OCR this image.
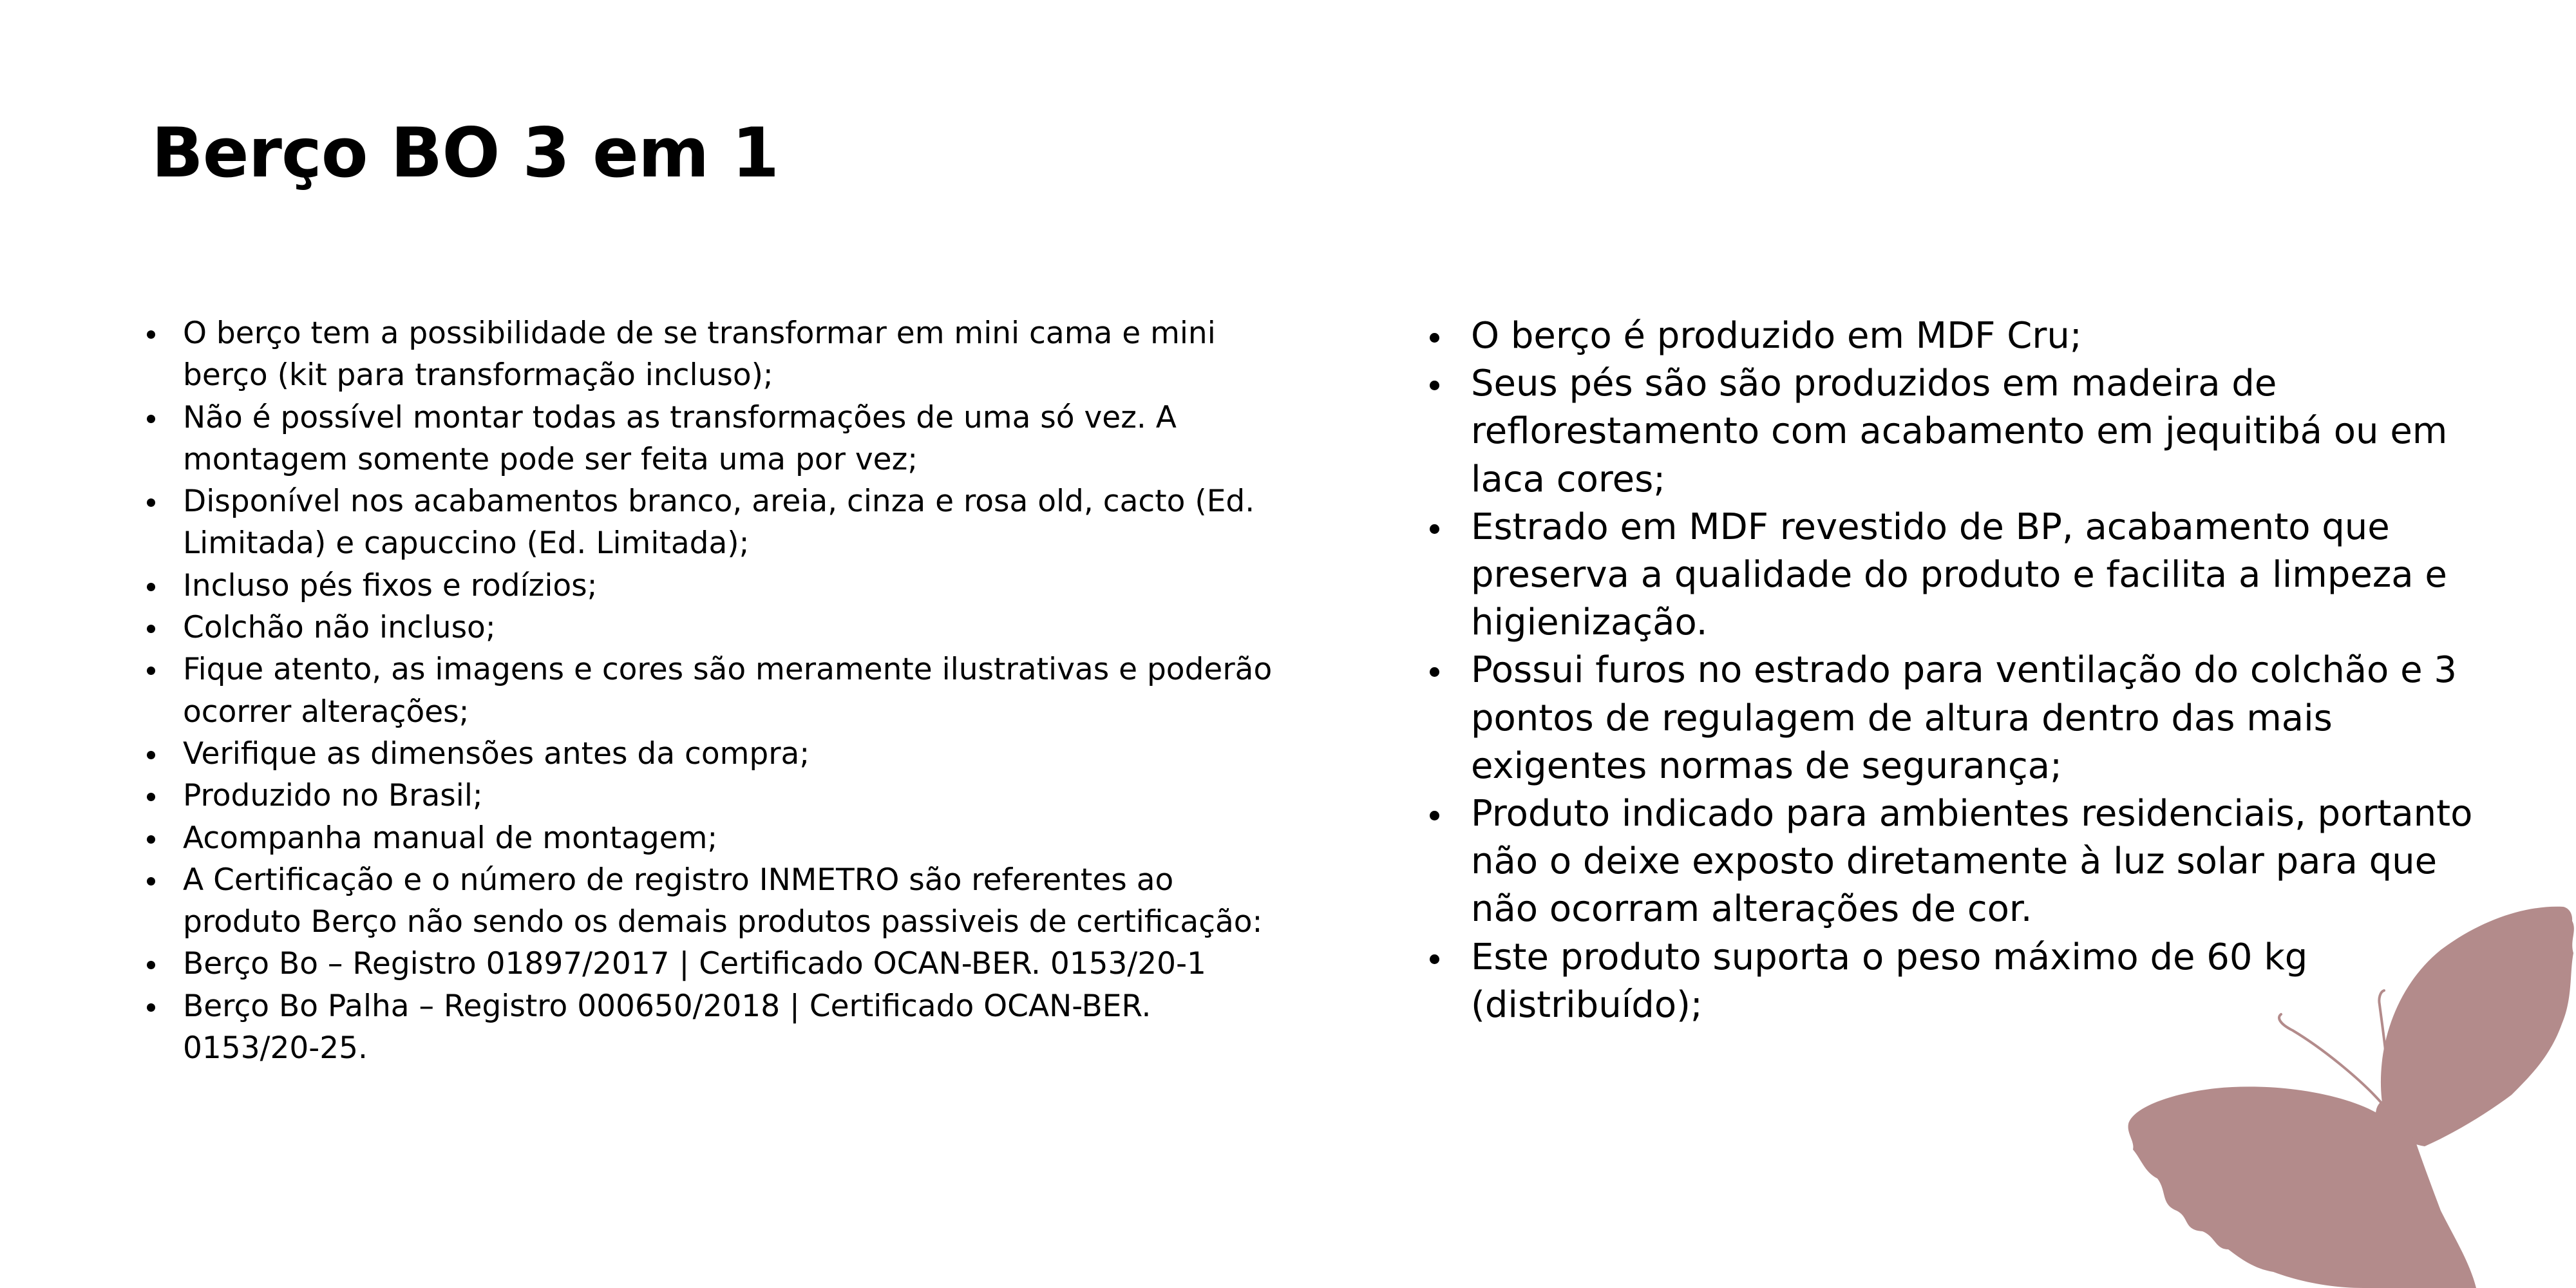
Berço BO 3 em 1
O berço tem a possibilidade de se transformar em mini cama e mini berço (kit para transformação incluso);
Não é possível montar todas as transformações de uma só vez. A montagem somente pode ser feita uma por vez;
Disponível nos acabamentos branco, areia, cinza e rosa old, cacto (Ed. Limitada) e capuccino (Ed. Limitada);
Incluso pés fixos e rodízios;
Colchão não incluso;
Fique atento, as imagens e cores são meramente ilustrativas e poderão ocorrer alterações;
Verifique as dimensões antes da compra;
Produzido no Brasil;
Acompanha manual de montagem;
A Certificação e o número de registro INMETRO são referentes ao produto Berço não sendo os demais produtos passiveis de certificação:
Berço Bo – Registro 01897/2017 | Certificado OCAN-BER. 0153/20-1
Berço Bo Palha – Registro 000650/2018 | Certificado OCAN-BER. 0153/20-25.
O berço é produzido em MDF Cru;
Seus pés são são produzidos em madeira de reflorestamento com acabamento em jequitibá ou em laca cores;
Estrado em MDF revestido de BP, acabamento que preserva a qualidade do produto e facilita a limpeza e higienização.
Possui furos no estrado para ventilação do colchão e 3 pontos de regulagem de altura dentro das mais exigentes normas de segurança;
Produto indicado para ambientes residenciais, portanto não o deixe exposto diretamente à luz solar para que não ocorram alterações de cor.
Este produto suporta o peso máximo de 60 kg (distribuído);
